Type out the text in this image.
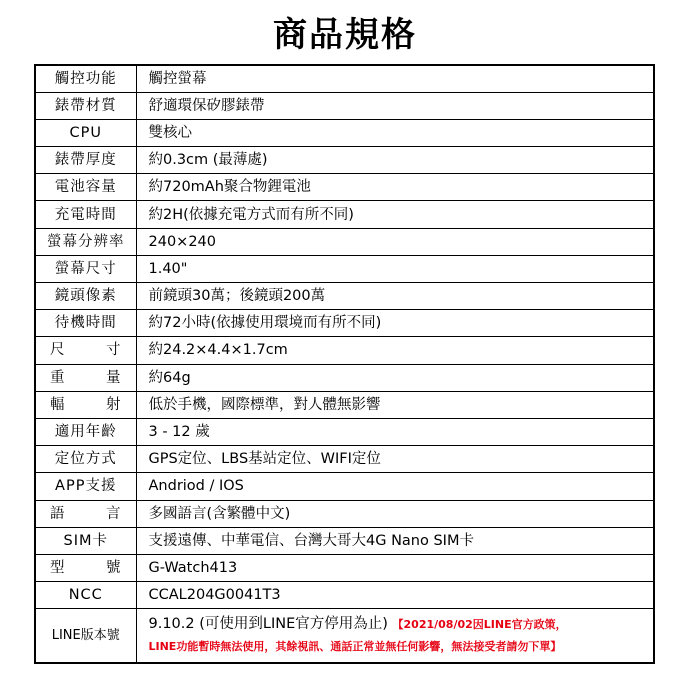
商品規格
觸控功能	觸控螢幕
錶帶材質	舒適環保矽膠錶帶
CPU	雙核心
錶帶厚度	約0.3cm (最薄處)
電池容量	約720mAh聚合物鋰電池
充電時間	約2H(依據充電方式而有所不同)
螢幕分辨率	240×240
螢幕尺寸	1.40"
鏡頭像素	前鏡頭30萬；後鏡頭200萬
待機時間	約72小時(依據使用環境而有所不同)
尺寸	約24.2×4.4×1.7cm
重量	約64g
輻射	低於手機，國際標準，對人體無影響
適用年齡	3 - 12 歲
定位方式	GPS定位、LBS基站定位、WIFI定位
APP支援	Andriod / IOS
語言	多國語言(含繁體中文)
SIM卡	支援遠傳、中華電信、台灣大哥大4G Nano SIM卡
型號	G-Watch413
NCC	CCAL204G0041T3
LINE版本號	9.10.2 (可使用到LINE官方停用為止) 【2021/08/02因LINE官方政策，
LINE功能暫時無法使用，其餘視訊、通話正常並無任何影響，無法接受者請勿下單】
